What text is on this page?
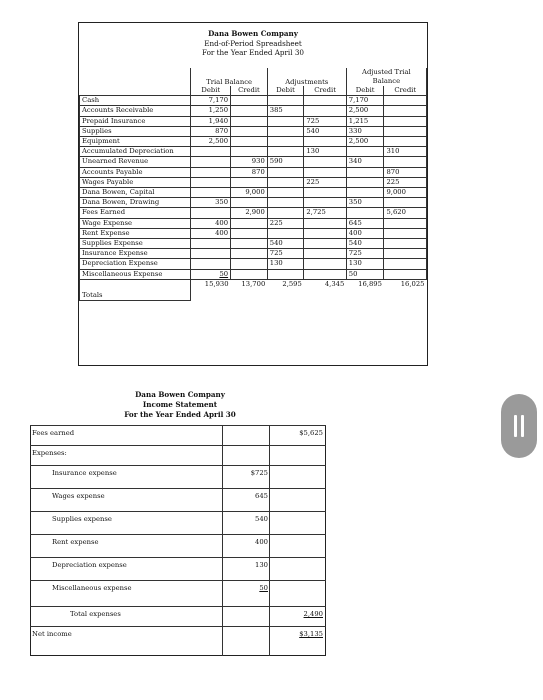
Dana Bowen Company
End-of-Period Spreadsheet
For the Year Ended April 30
	Trial Balance		Adjustments		Adjusted Trial Balance	
	Debit	Credit	Debit	Credit	Debit	Credit
Cash	7,170				7,170	
Accounts Receivable	1,250		385		2,500	
Prepaid Insurance	1,940			725	1,215	
Supplies	870			540	330	
Equipment	2,500				2,500	
Accumulated Depreciation				130		310
Unearned Revenue		930	590		340	
Accounts Payable		870				870
Wages Payable				225		225
Dana Bowen, Capital		9,000				9,000
Dana Bowen, Drawing	350				350	
Fees Earned		2,900		2,725		5,620
Wage Expense	400		225		645	
Rent Expense	400				400	
Supplies Expense			540		540	
Insurance Expense			725		725	
Depreciation Expense			130		130	
Miscellaneous Expense	50				50	
Totals	15,930	13,700	2,595	4,345	16,895	16,025
Dana Bowen Company
Income Statement
For the Year Ended April 30
Fees earned	$5,625
Expenses:
Insurance expense	$725
Wages expense	645
Supplies expense	540
Rent expense	400
Depreciation expense	130
Miscellaneous expense	50
Total expenses	2,490
Net income	$3,135
